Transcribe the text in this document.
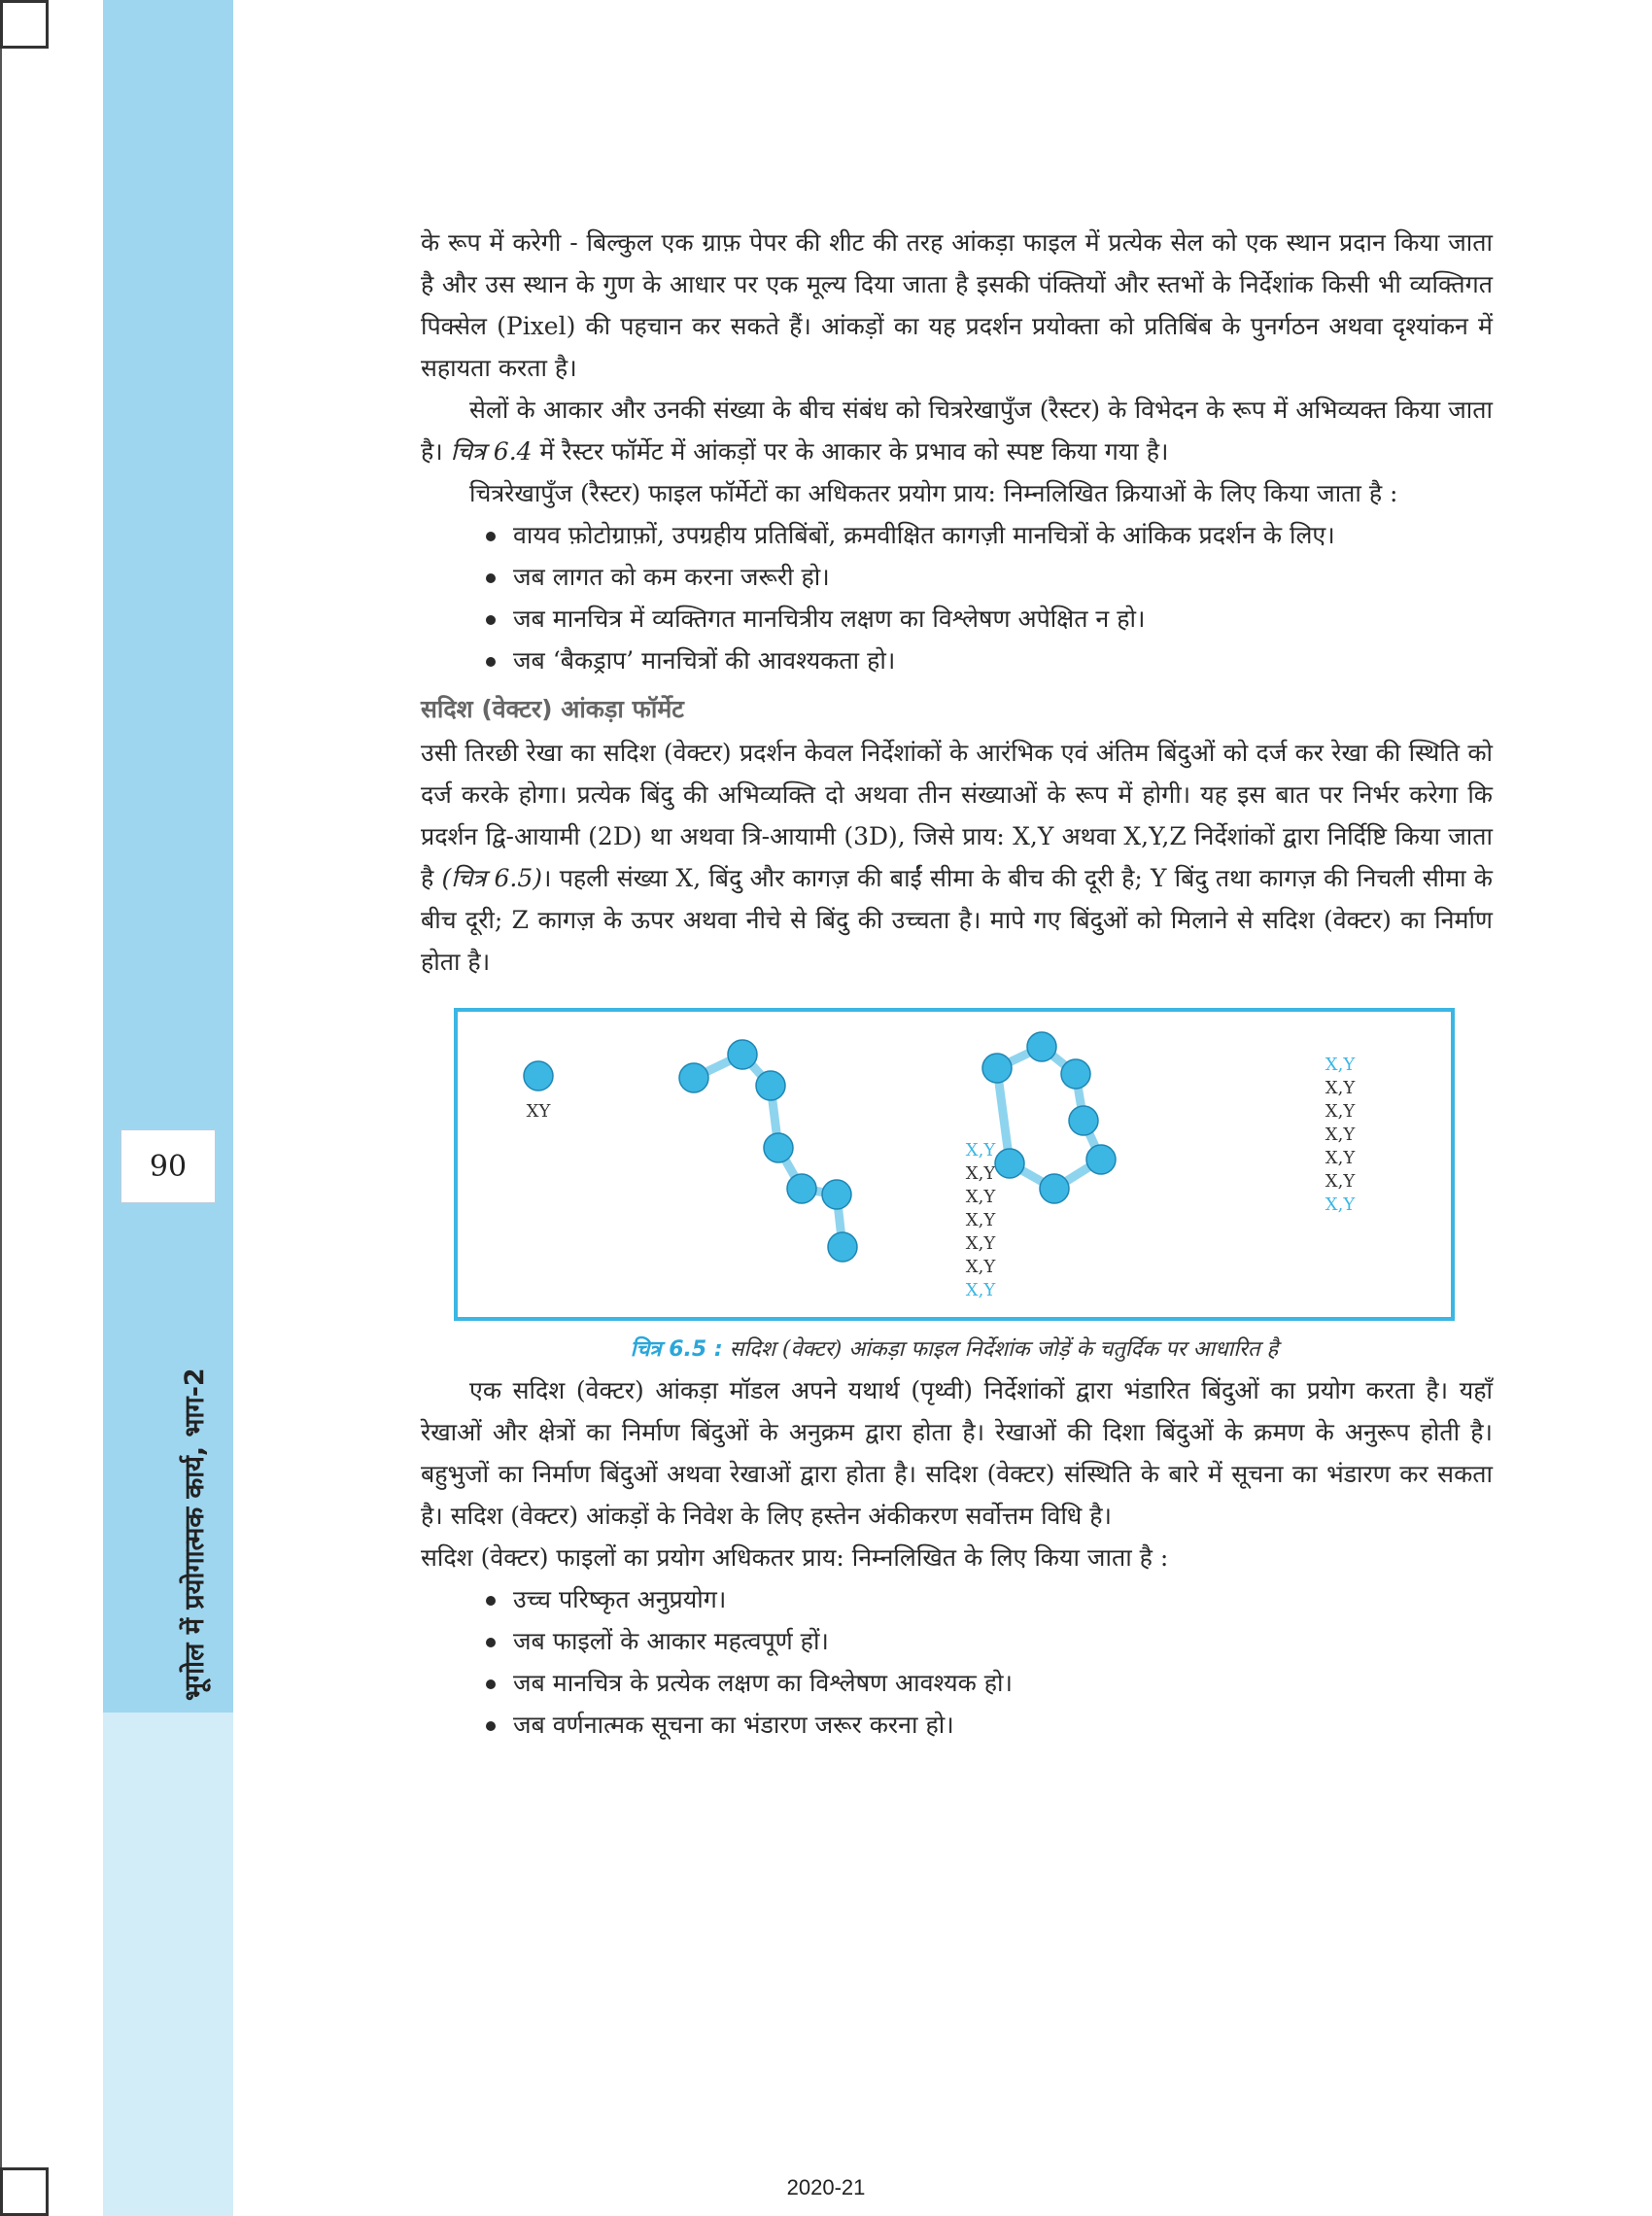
90
भूगोल में प्रयोगात्मक कार्य, भाग-2

के रूप में करेगी - बिल्कुल एक ग्राफ़ पेपर की शीट की तरह आंकड़ा फाइल में प्रत्येक सेल को एक स्थान प्रदान किया जाता है और उस स्थान के गुण के आधार पर एक मूल्य दिया जाता है इसकी पंक्तियों और स्तभों के निर्देशांक किसी भी व्यक्तिगत पिक्सेल (Pixel) की पहचान कर सकते हैं। आंकड़ों का यह प्रदर्शन प्रयोक्ता को प्रतिबिंब के पुनर्गठन अथवा दृश्यांकन में सहायता करता है।

सेलों के आकार और उनकी संख्या के बीच संबंध को चित्ररेखापुँज (रैस्टर) के विभेदन के रूप में अभिव्यक्त किया जाता है। चित्र 6.4 में रैस्टर फॉर्मेट में आंकड़ों पर के आकार के प्रभाव को स्पष्ट किया गया है।

चित्ररेखापुँज (रैस्टर) फाइल फॉर्मेटों का अधिकतर प्रयोग प्राय: निम्नलिखित क्रियाओं के लिए किया जाता है :

वायव फ़ोटोग्राफ़ों, उपग्रहीय प्रतिबिंबों, क्रमवीक्षित कागज़ी मानचित्रों के आंकिक प्रदर्शन के लिए।
जब लागत को कम करना जरूरी हो।
जब मानचित्र में व्यक्तिगत मानचित्रीय लक्षण का विश्लेषण अपेक्षित न हो।
जब ‘बैकड्राप’ मानचित्रों की आवश्यकता हो।
सदिश (वेक्टर) आंकड़ा फॉर्मेट

उसी तिरछी रेखा का सदिश (वेक्टर) प्रदर्शन केवल निर्देशांकों के आरंभिक एवं अंतिम बिंदुओं को दर्ज कर रेखा की स्थिति को दर्ज करके होगा। प्रत्येक बिंदु की अभिव्यक्ति दो अथवा तीन संख्याओं के रूप में होगी। यह इस बात पर निर्भर करेगा कि प्रदर्शन द्वि-आयामी (2D) था अथवा त्रि-आयामी (3D), जिसे प्राय: X,Y अथवा X,Y,Z निर्देशांकों द्वारा निर्दिष्टि किया जाता है (चित्र 6.5)। पहली संख्या X, बिंदु और कागज़ की बाईं सीमा के बीच की दूरी है; Y बिंदु तथा कागज़ की निचली सीमा के बीच दूरी; Z कागज़ के ऊपर अथवा नीचे से बिंदु की उच्चता है। मापे गए बिंदुओं को मिलाने से सदिश (वेक्टर) का निर्माण होता है।

XY
X,Y
X,Y
X,Y
X,Y
X,Y
X,Y
X,Y
X,Y
X,Y
X,Y
X,Y
X,Y
X,Y
X,Y
चित्र 6.5 : सदिश (वेक्टर) आंकड़ा फाइल निर्देशांक जोड़ें के चतुर्दिक पर आधारित है

एक सदिश (वेक्टर) आंकड़ा मॉडल अपने यथार्थ (पृथ्वी) निर्देशांकों द्वारा भंडारित बिंदुओं का प्रयोग करता है। यहाँ रेखाओं और क्षेत्रों का निर्माण बिंदुओं के अनुक्रम द्वारा होता है। रेखाओं की दिशा बिंदुओं के क्रमण के अनुरूप होती है। बहुभुजों का निर्माण बिंदुओं अथवा रेखाओं द्वारा होता है। सदिश (वेक्टर) संस्थिति के बारे में सूचना का भंडारण कर सकता है। सदिश (वेक्टर) आंकड़ों के निवेश के लिए हस्तेन अंकीकरण सर्वोत्तम विधि है।

सदिश (वेक्टर) फाइलों का प्रयोग अधिकतर प्राय: निम्नलिखित के लिए किया जाता है :

उच्च परिष्कृत अनुप्रयोग।
जब फाइलों के आकार महत्वपूर्ण हों।
जब मानचित्र के प्रत्येक लक्षण का विश्लेषण आवश्यक हो।
जब वर्णनात्मक सूचना का भंडारण जरूर करना हो।
2020-21
